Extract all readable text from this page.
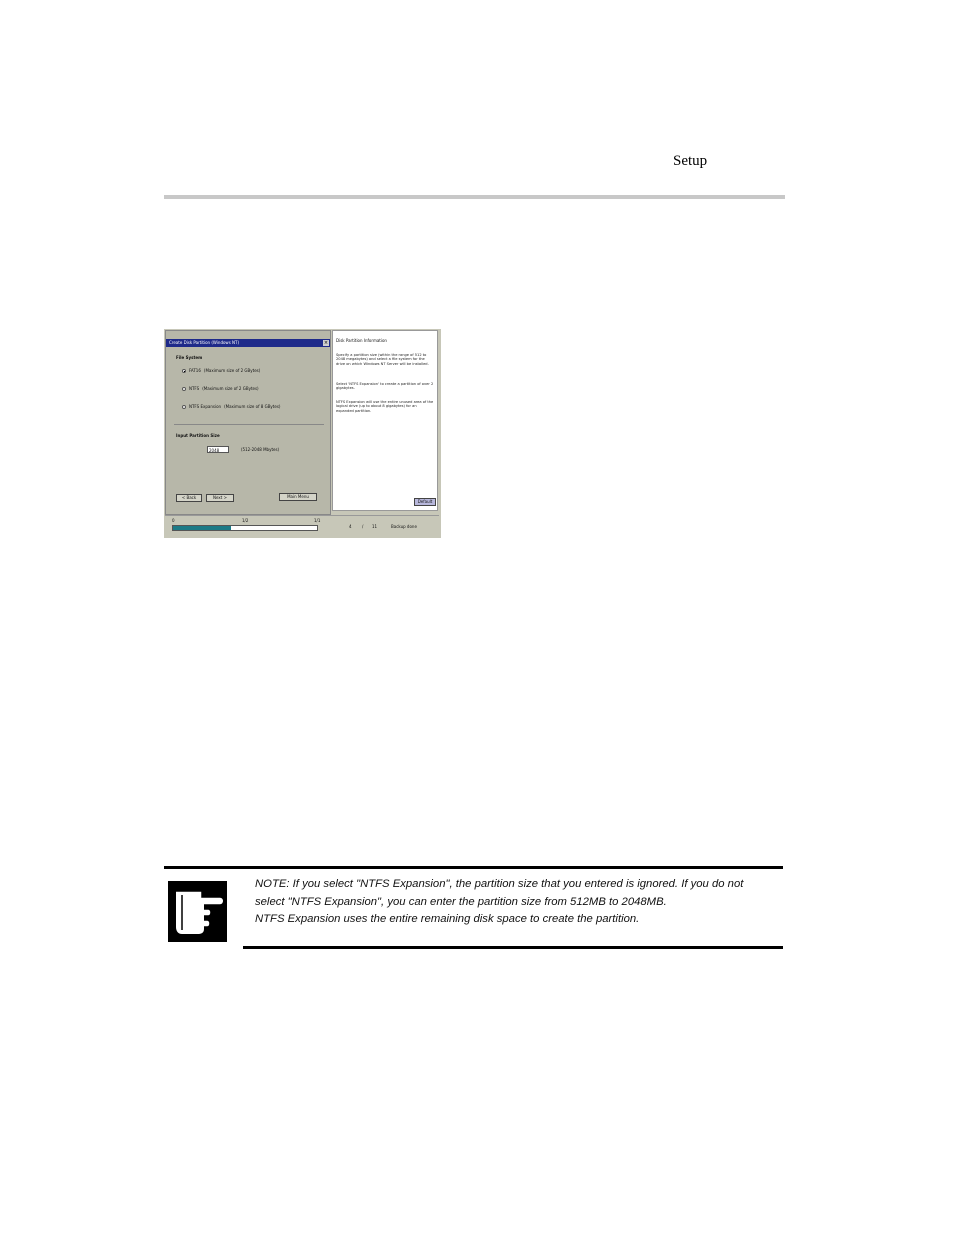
Setup
Create Disk Partition (Windows NT)	×
File System
FAT16 (Maximum size of 2 GBytes)
NTFS (Maximum size of 2 GBytes)
NTFS Expansion (Maximum size of 8 GBytes)
Input Partition Size
2048	(512-2048 Mbytes)
< Back	Next >	Main Menu
Disk Partition Information
Specify a partition size (within the range of 512 to 2048 megabytes) and select a file system for the drive on which Windows NT Server will be installed.
Select 'NTFS Expansion' to create a partition of over 2 gigabytes.
NTFS Expansion will use the entire unused area of the logical drive (up to about 8 gigabytes) for an expanded partition.
Default
0	1/2	1/1
4	/ 11	Backup done
NOTE: If you select "NTFS Expansion", the partition size that you entered is ignored. If you do not
select "NTFS Expansion", you can enter the partition size from 512MB to 2048MB.
NTFS Expansion uses the entire remaining disk space to create the partition.
